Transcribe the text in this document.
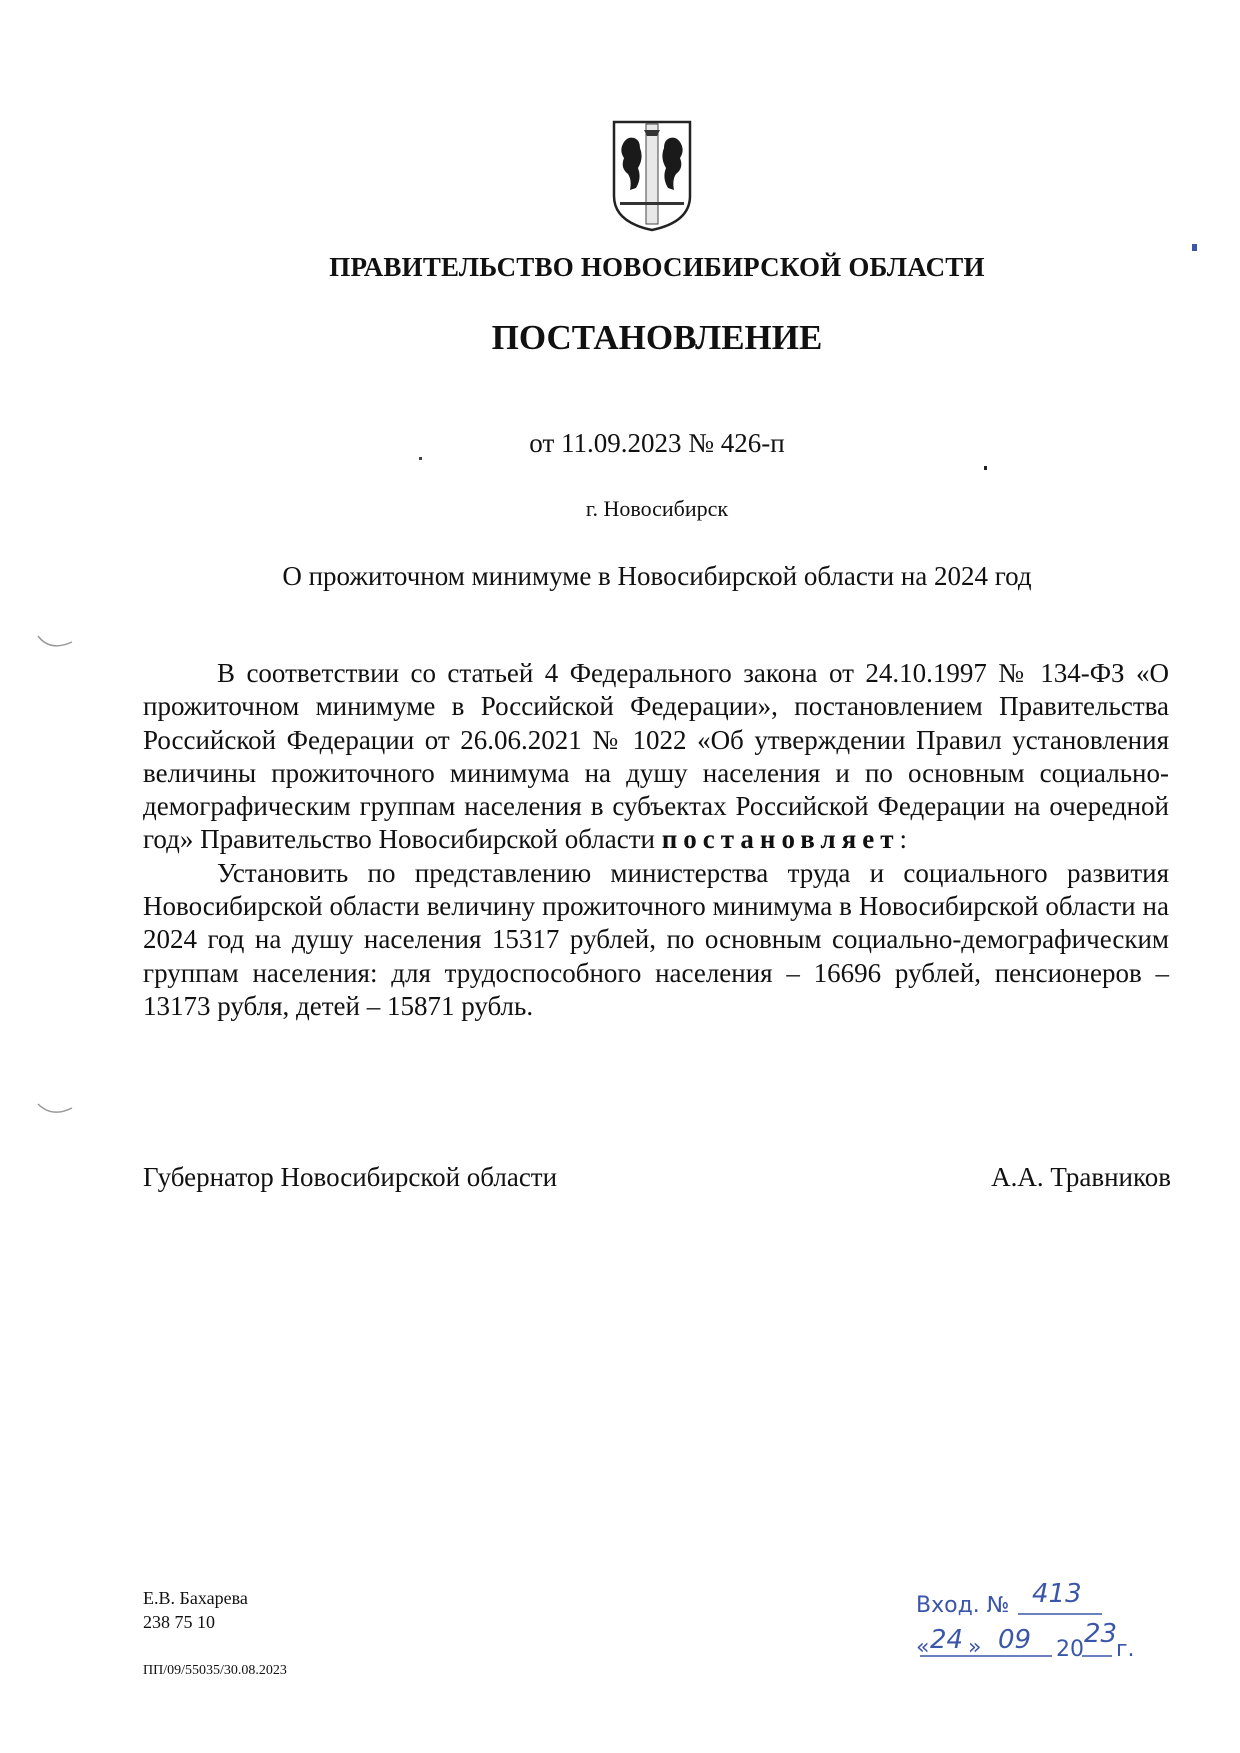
ПРАВИТЕЛЬСТВО НОВОСИБИРСКОЙ ОБЛАСТИ
ПОСТАНОВЛЕНИЕ
от 11.09.2023 № 426-п
г. Новосибирск
О прожиточном минимуме в Новосибирской области на 2024 год

В соответствии со статьей 4 Федерального закона от 24.10.1997 № 134-ФЗ «О прожиточном минимуме в Российской Федерации», постановлением Правительства Российской Федерации от 26.06.2021 № 1022 «Об утверждении Правил установления величины прожиточного минимума на душу населения и по основным социально-демографическим группам населения в субъектах Российской Федерации на очередной год» Правительство Новосибирской области постановляет:

Установить по представлению министерства труда и социального развития Новосибирской области величину прожиточного минимума в Новосибирской области на 2024 год на душу населения 15317 рублей, по основным социально-демографическим группам населения: для трудоспособного населения – 16696 рублей, пенсионеров – 13173 рубля, детей – 15871 рубль.

Губернатор Новосибирской области	А.А. Травников
Е.В. Бахарева
238 75 10
ПП/09/55035/30.08.2023
Вход. № 413
« 24 » 09 20
23
г.
